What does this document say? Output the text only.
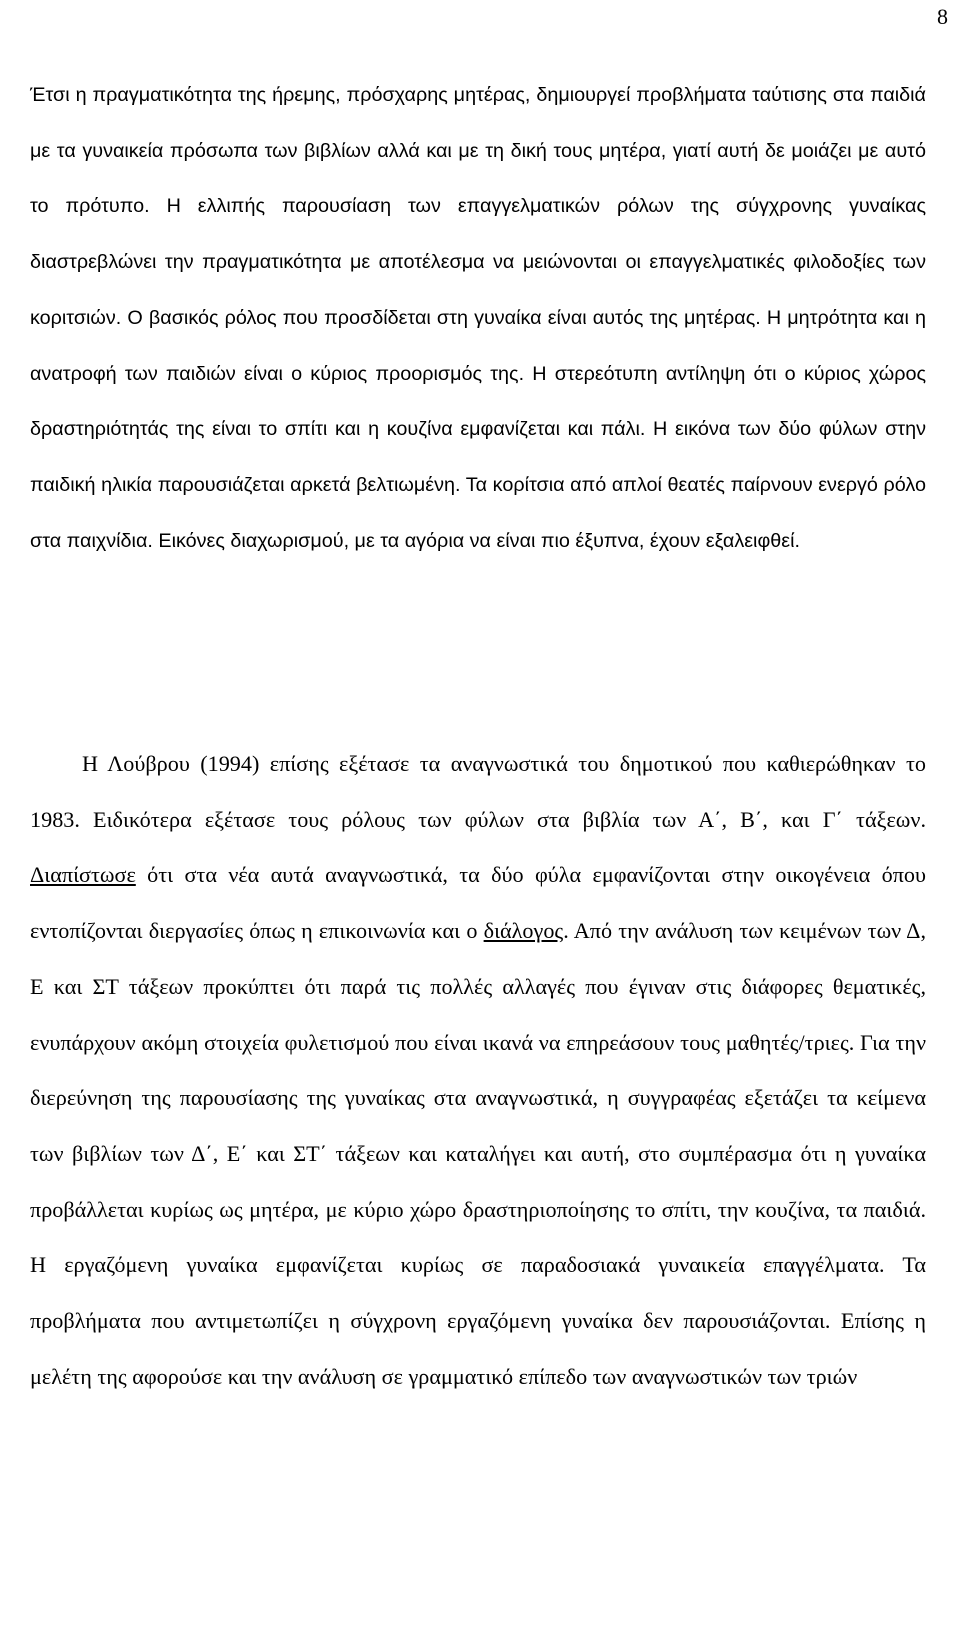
8

Έτσι η πραγματικότητα της ήρεμης, πρόσχαρης μητέρας, δημιουργεί προβλήματα ταύτισης στα παιδιά με τα γυναικεία πρόσωπα των βιβλίων αλλά και με τη δική τους μητέρα, γιατί αυτή δε μοιάζει με αυτό το πρότυπο. Η ελλιπής παρουσίαση των επαγγελματικών ρόλων της σύγχρονης γυναίκας διαστρεβλώνει την πραγματικότητα με αποτέλεσμα να μειώνονται οι επαγγελματικές φιλοδοξίες των κοριτσιών. Ο βασικός ρόλος που προσδίδεται στη γυναίκα είναι αυτός της μητέρας. Η μητρότητα και η ανατροφή των παιδιών είναι ο κύριος προορισμός της. Η στερεότυπη αντίληψη ότι ο κύριος χώρος δραστηριότητάς της είναι το σπίτι και η κουζίνα εμφανίζεται και πάλι. Η εικόνα των δύο φύλων στην παιδική ηλικία παρουσιάζεται αρκετά βελτιωμένη. Τα κορίτσια από απλοί θεατές παίρνουν ενεργό ρόλο στα παιχνίδια. Εικόνες διαχωρισμού, με τα αγόρια να είναι πιο έξυπνα, έχουν εξαλειφθεί.

Η Λούβρου (1994) επίσης εξέτασε τα αναγνωστικά του δημοτικού που καθιερώθηκαν το 1983. Ειδικότερα εξέτασε τους ρόλους των φύλων στα βιβλία των Α΄, Β΄, και Γ΄ τάξεων. Διαπίστωσε ότι στα νέα αυτά αναγνωστικά, τα δύο φύλα εμφανίζονται στην οικογένεια όπου εντοπίζονται διεργασίες όπως η επικοινωνία και ο διάλογος. Από την ανάλυση των κειμένων των Δ, Ε και ΣΤ τάξεων προκύπτει ότι παρά τις πολλές αλλαγές που έγιναν στις διάφορες θεματικές, ενυπάρχουν ακόμη στοιχεία φυλετισμού που είναι ικανά να επηρεάσουν τους μαθητές/τριες. Για την διερεύνηση της παρουσίασης της γυναίκας στα αναγνωστικά, η συγγραφέας εξετάζει τα κείμενα των βιβλίων των Δ΄, Ε΄ και ΣΤ΄ τάξεων και καταλήγει και αυτή, στο συμπέρασμα ότι η γυναίκα προβάλλεται κυρίως ως μητέρα, με κύριο χώρο δραστηριοποίησης το σπίτι, την κουζίνα, τα παιδιά. Η εργαζόμενη γυναίκα εμφανίζεται κυρίως σε παραδοσιακά γυναικεία επαγγέλματα. Τα προβλήματα που αντιμετωπίζει η σύγχρονη εργαζόμενη γυναίκα δεν παρουσιάζονται. Επίσης η μελέτη της αφορούσε και την ανάλυση σε γραμματικό επίπεδο των αναγνωστικών των τριών
